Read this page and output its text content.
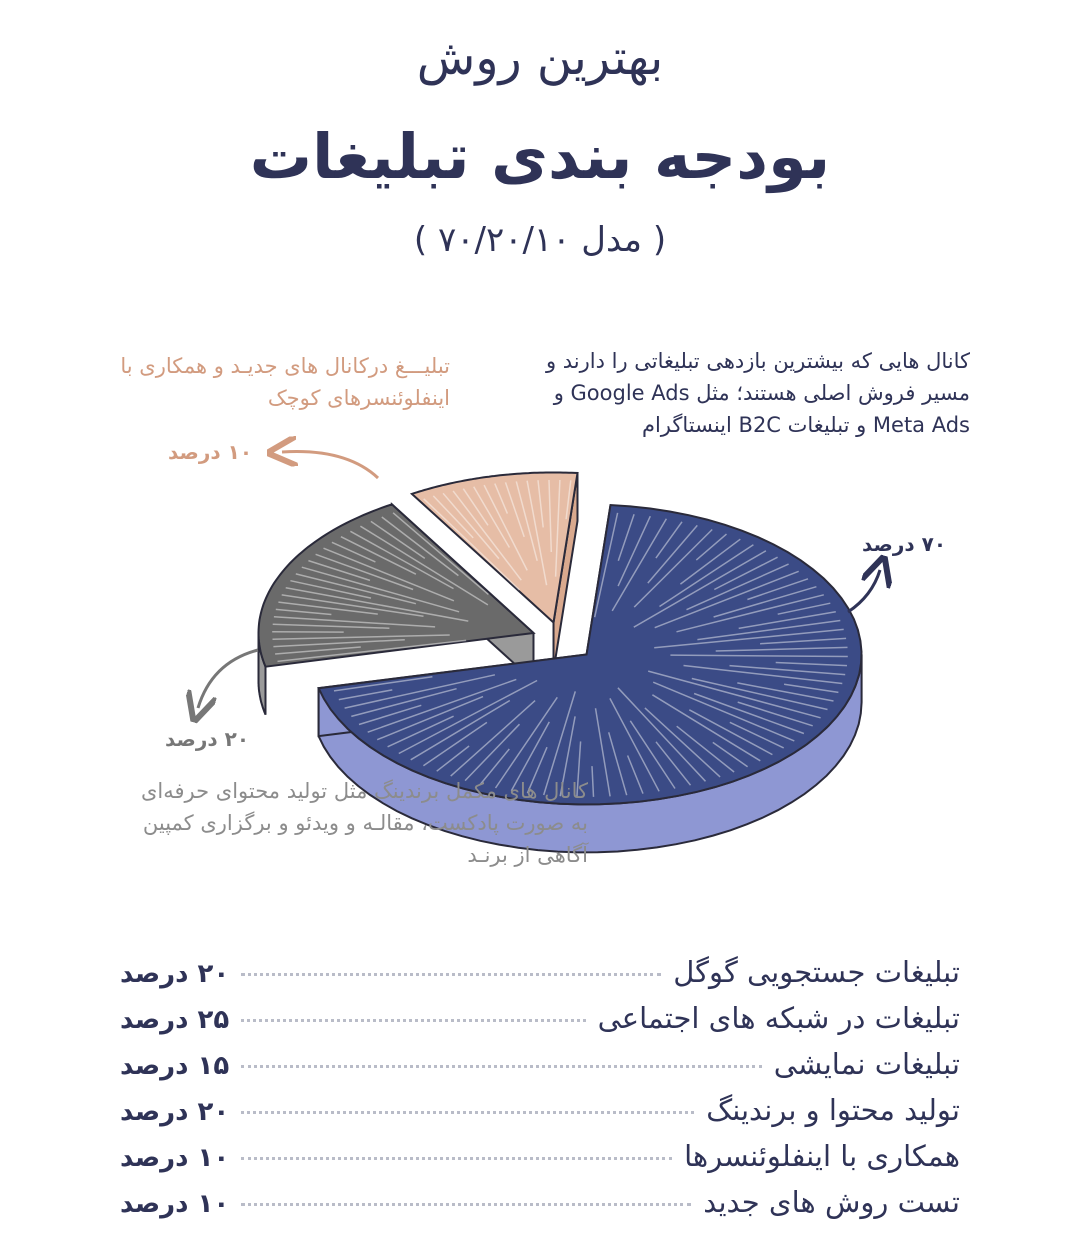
بهترین روش
بودجه بندی تبلیغات
( مدل ۷۰/۲۰/۱۰ )
کانال هایی که بیشترین بازدهی تبلیغاتی را دارند و مسیر فروش اصلی هستند؛ مثل Google Ads و Meta Ads و تبلیغات B2C اینستاگرام
تبلیـــغ درکانال های جدیـد و همکاری با اینفلوئنسرهای کوچک
کانال های مکمل برندینگ مثل تولید محتوای حرفه‌ای به صورت پادکست، مقالـه و ویدئو و برگزاری کمپین آگاهی از برنـد
۷۰ درصد
۲۰ درصد
۱۰ درصد
تبلیغات جستجویی گوگل
۲۰ درصد
تبلیغات در شبکه های اجتماعی
۲۵ درصد
تبلیغات نمایشی
۱۵ درصد
تولید محتوا و برندینگ
۲۰ درصد
همکاری با اینفلوئنسرها
۱۰ درصد
تست روش های جدید
۱۰ درصد
